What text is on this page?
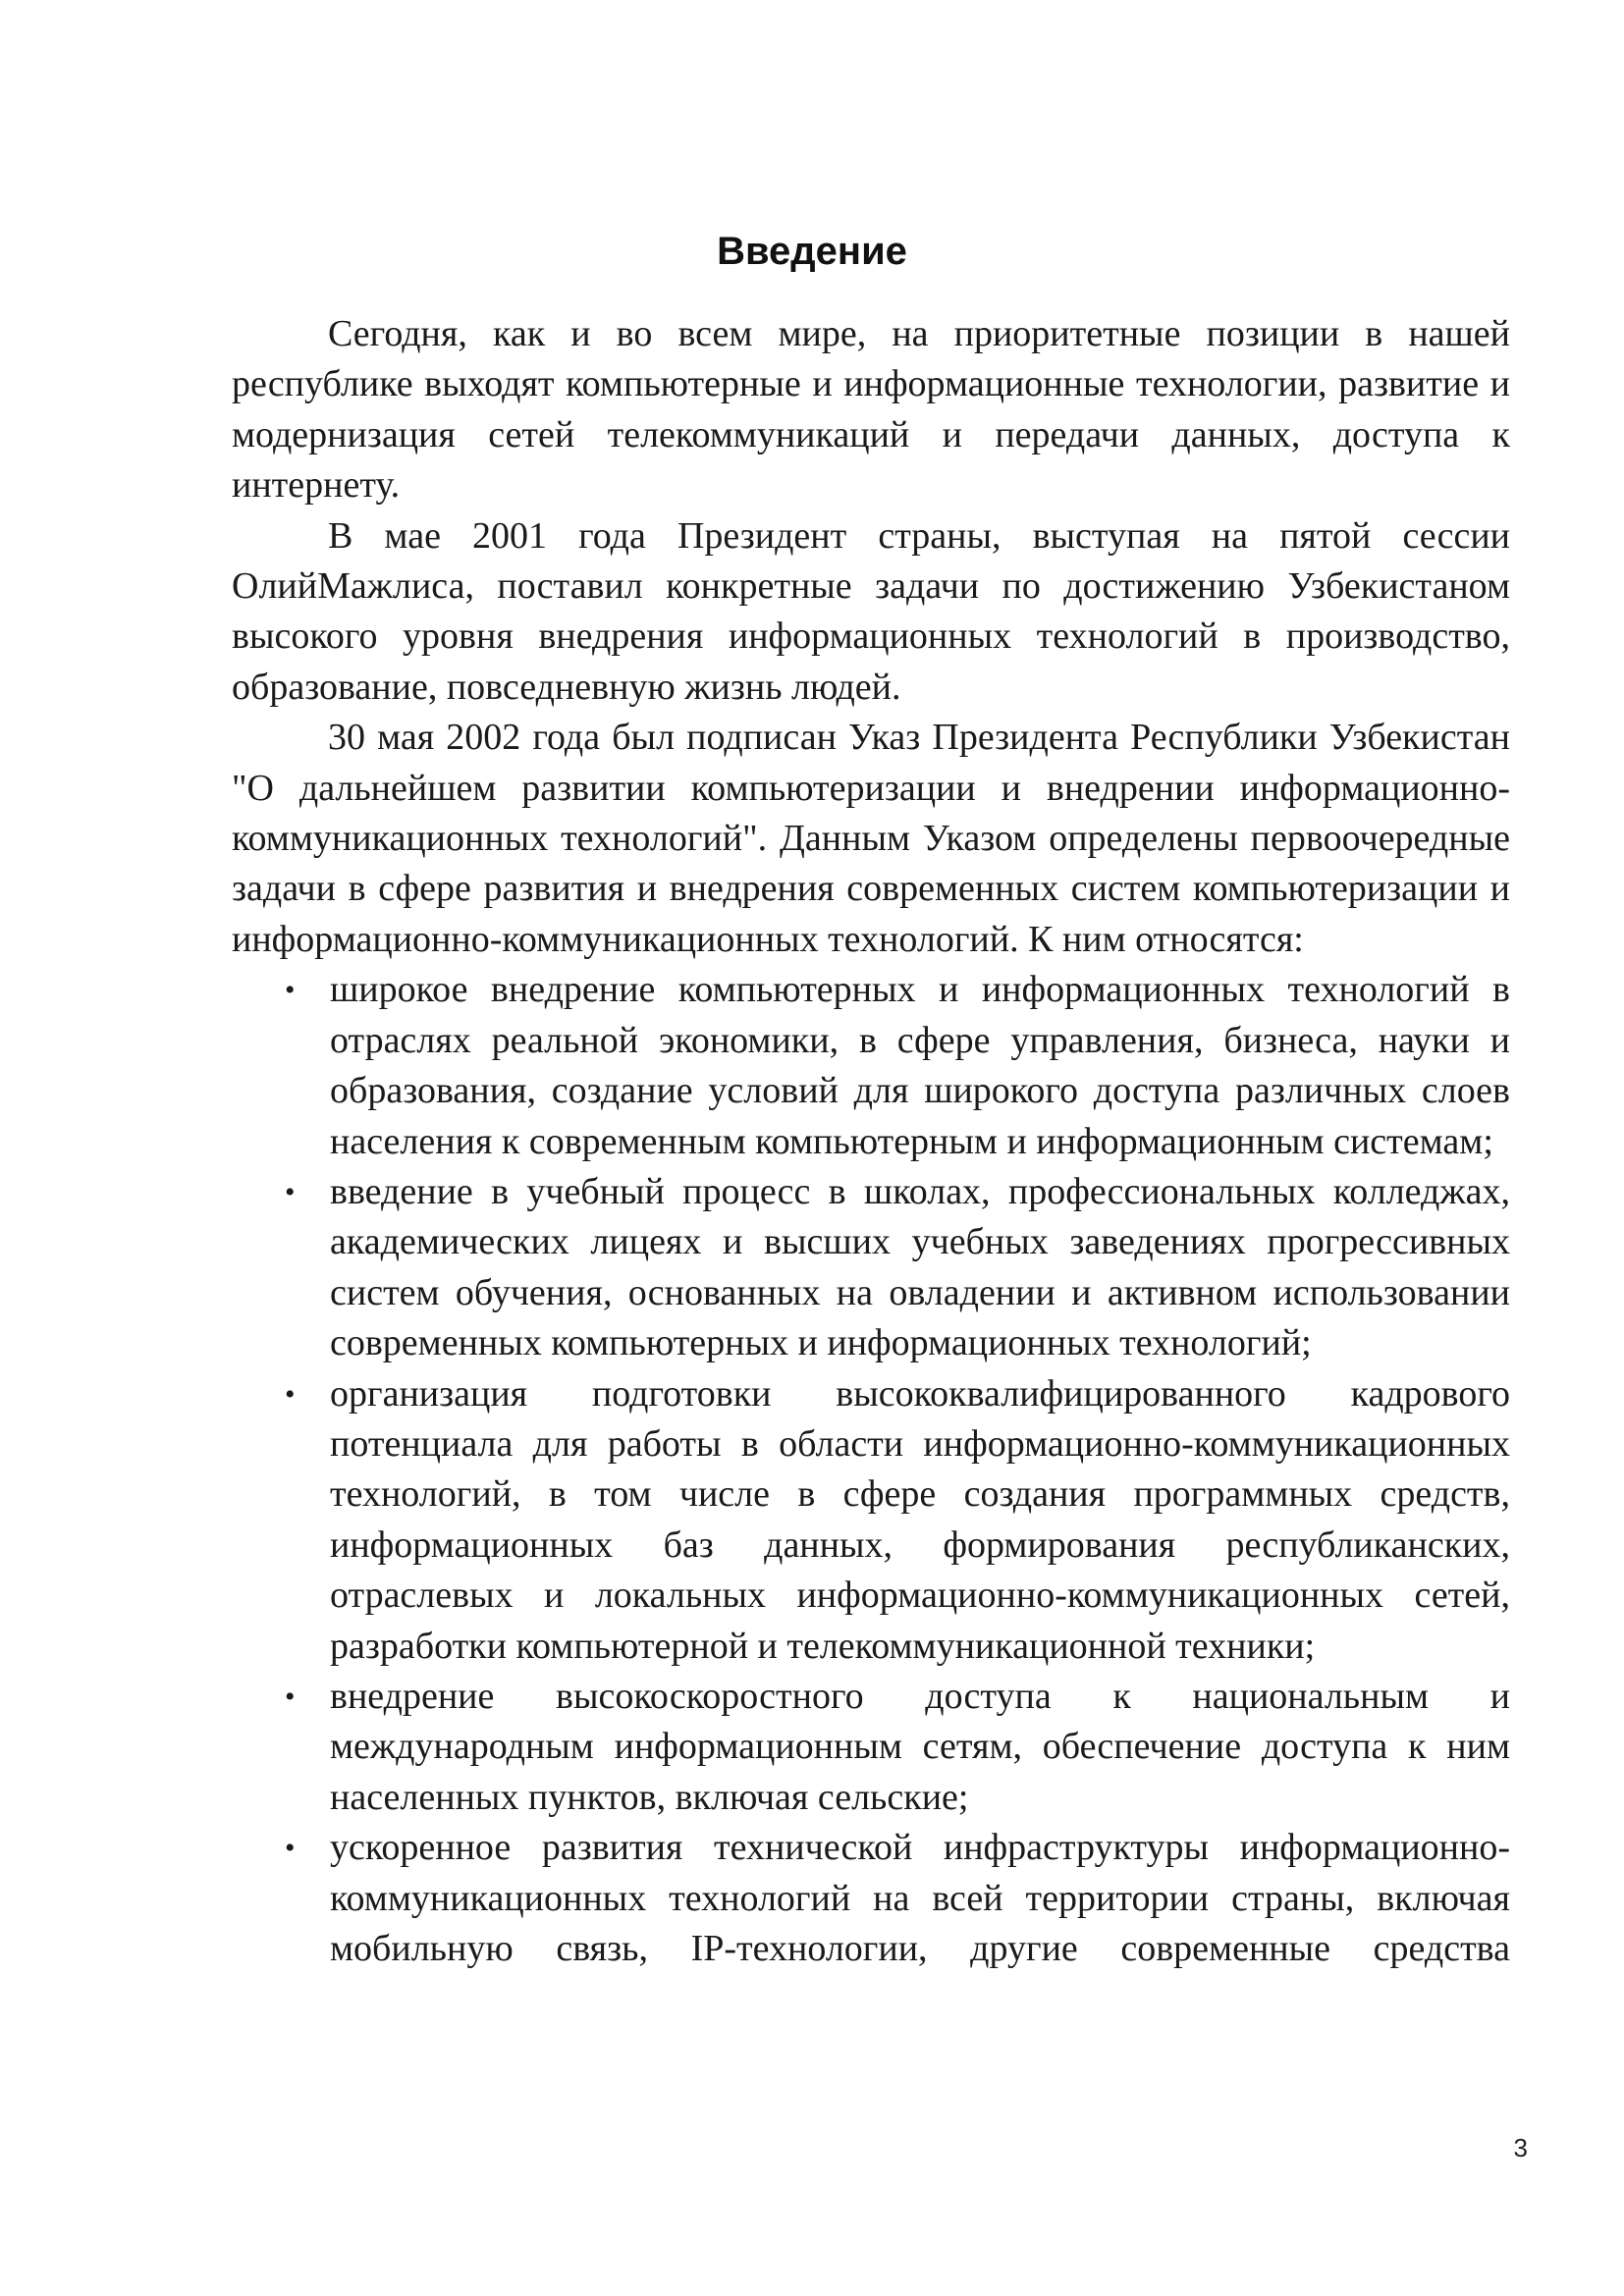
Введение

Сегодня, как и во всем мире, на приоритетные позиции в нашей республике выходят компьютерные и информационные технологии, развитие и модернизация сетей телекоммуникаций и передачи данных, доступа к интернету.

В мае 2001 года Президент страны, выступая на пятой сессии ОлийМажлиса, поставил конкретные задачи по достижению Узбекистаном высокого уровня внедрения информационных технологий в производство, образование, повседневную жизнь людей.

30 мая 2002 года был подписан Указ Президента Республики Узбекистан "О дальнейшем развитии компьютеризации и внедрении информационно-коммуникационных технологий". Данным Указом определены первоочередные задачи в сфере развития и внедрения современных систем компьютеризации и информационно-коммуникационных технологий. К ним относятся:

• широкое внедрение компьютерных и информационных технологий в отраслях реальной экономики, в сфере управления, бизнеса, науки и образования, создание условий для широкого доступа различных слоев населения к современным компьютерным и информационным системам;
• введение в учебный процесс в школах, профессиональных колледжах, академических лицеях и высших учебных заведениях прогрессивных систем обучения, основанных на овладении и активном использовании современных компьютерных и информационных технологий;
• организация подготовки высококвалифицированного кадрового потенциала для работы в области информационно-коммуникационных технологий, в том числе в сфере создания программных средств, информационных баз данных, формирования республиканских, отраслевых и локальных информационно-коммуникационных сетей, разработки компьютерной и телекоммуникационной техники;
• внедрение высокоскоростного доступа к национальным и международным информационным сетям, обеспечение доступа к ним населенных пунктов, включая сельские;
• ускоренное развития технической инфраструктуры информационно-коммуникационных технологий на всей территории страны, включая мобильную связь, IP-технологии, другие современные средства
3
